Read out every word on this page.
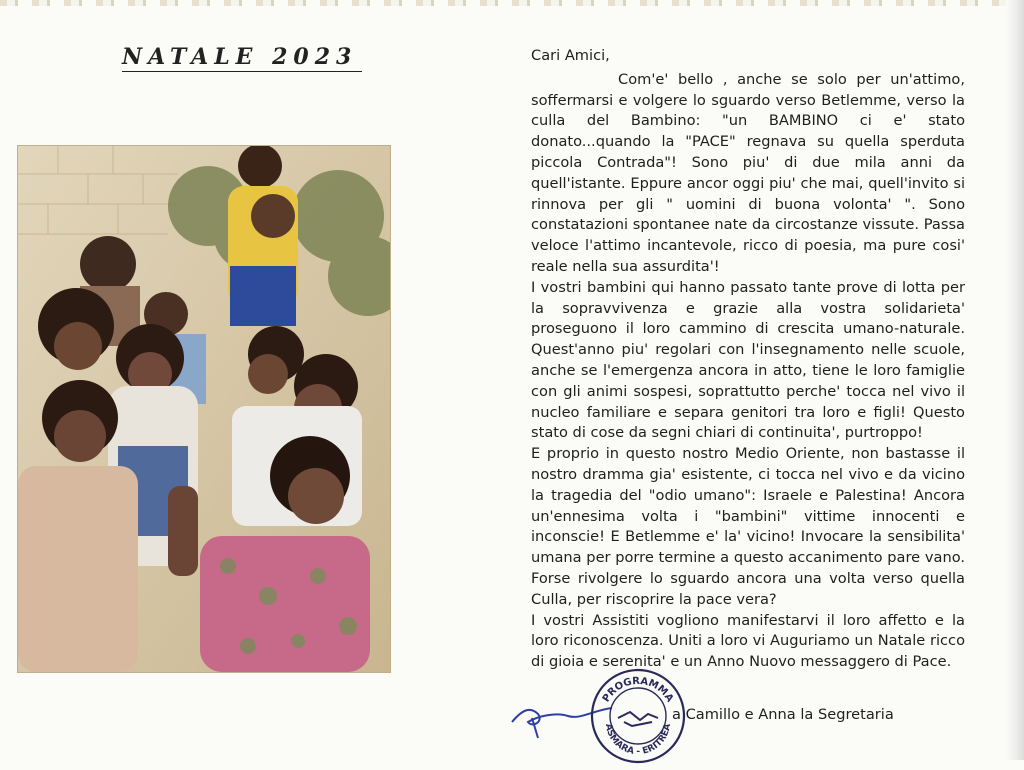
NATALE 2023	Cari Amici,

Com'e' bello , anche se solo per un'attimo, soffermarsi e volgere lo sguardo verso Betlemme, verso la culla del Bambino: "un BAMBINO ci e' stato donato...quando la "PACE" regnava su quella sperduta piccola Contrada"! Sono piu' di due mila anni da quell'istante. Eppure ancor oggi piu' che mai, quell'invito si rinnova per gli " uomini di buona volonta' ". Sono constatazioni spontanee nate da circostanze vissute. Passa veloce l'attimo incantevole, ricco di poesia, ma pure cosi' reale nella sua assurdita'!

I vostri bambini qui hanno passato tante prove di lotta per la sopravvivenza e grazie alla vostra solidarieta' proseguono il loro cammino di crescita umano-naturale. Quest'anno piu' regolari con l'insegnamento nelle scuole, anche se l'emergenza ancora in atto, tiene le loro famiglie con gli animi sospesi, soprattutto perche' tocca nel vivo il nucleo familiare e separa genitori tra loro e figli! Questo stato di cose da segni chiari di continuita', purtroppo!

E proprio in questo nostro Medio Oriente, non bastasse il nostro dramma gia' esistente, ci tocca nel vivo e da vicino la tragedia del "odio umano": Israele e Palestina! Ancora un'ennesima volta i "bambini" vittime innocenti e inconscie! E Betlemme e' la' vicino! Invocare la sensibilita' umana per porre termine a questo accanimento pare vano. Forse rivolgere lo sguardo ancora una volta verso quella Culla, per riscoprire la pace vera?

I vostri Assistiti vogliono manifestarvi il loro affetto e la loro riconoscenza. Uniti a loro vi Auguriamo un Natale ricco di gioia e serenita' e un Anno Nuovo messaggero di Pace.

PROGRAMMA
ASMARA - ERITREA
a Camillo e Anna la Segretaria
